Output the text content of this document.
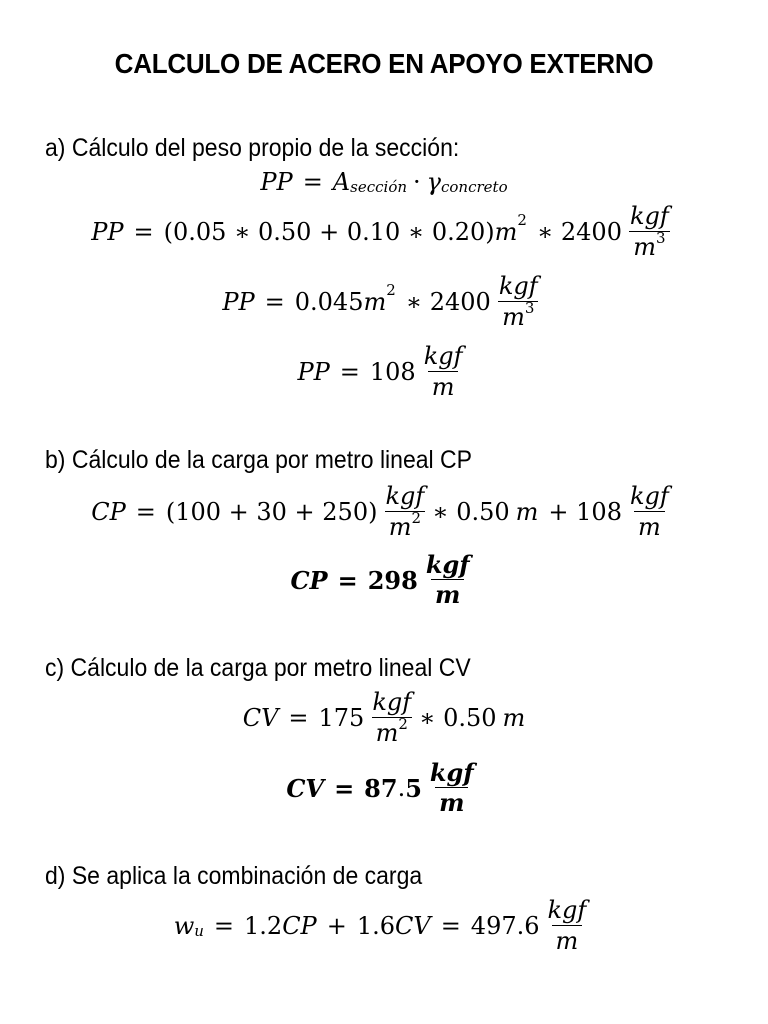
CALCULO DE ACERO EN APOYO EXTERNO
a) Cálculo del peso propio de la sección:
PP = $A_{sección} \cdot \gamma_{concreto}$
PP = (0.05 ∗ 0.50 + 0.10 ∗ 0.20) $m^2$ ∗ $2400 \frac{\text{kgf}}{m^3}$
PP = 0.045 $m^2$ ∗ $2400 \frac{\text{kgf}}{m^3}$
PP = $108 \frac{\text{kgf}}{m}$
b) Cálculo de la carga por metro lineal CP
CP = $(100 + 30 + 250) \frac{\text{kgf}}{m^2}$ ∗ 0.50 $m + 108 \frac{\text{kgf}}{m}$
CP = $298 \frac{\text{kgf}}{m}$
c) Cálculo de la carga por metro lineal CV
CV = $175 \frac{\text{kgf}}{m^2}$ ∗ 0.50 m
CV = 87 . $5 \frac{\text{kgf}}{m}$
d) Se aplica la combinación de carga
$w_u = 1.2$ CP + 1.6 CV = $497.6 \frac{\text{kgf}}{m}$
